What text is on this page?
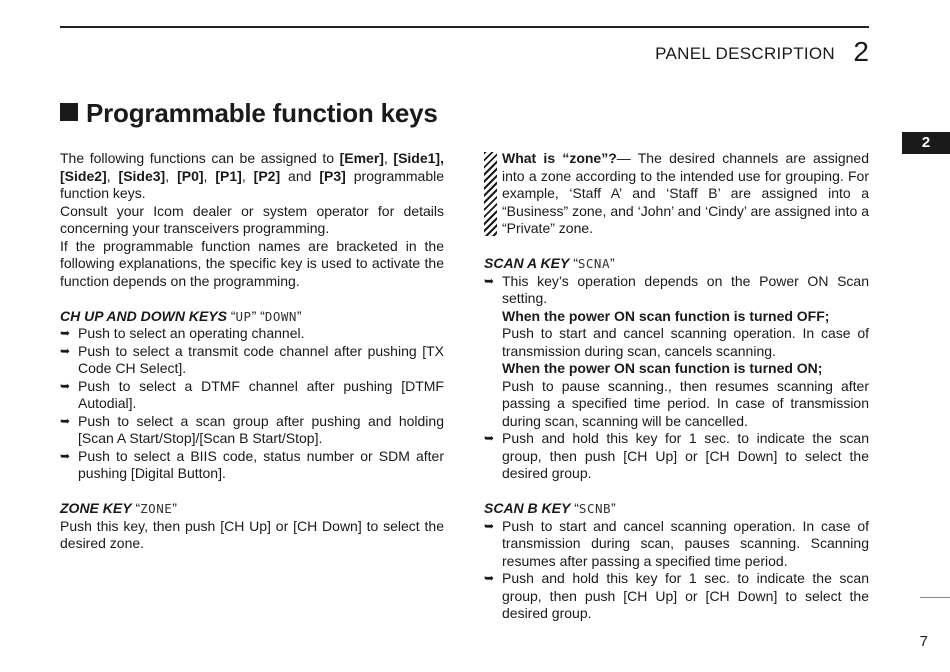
PANEL DESCRIPTION 2
2
Programmable function keys

The following functions can be assigned to [Emer], [Side1], [Side2], [Side3], [P0], [P1], [P2] and [P3] programmable function keys.

Consult your Icom dealer or system operator for details concerning your transceivers programming.

If the programmable function names are bracketed in the following explanations, the specific key is used to activate the function depends on the programming.

CH UP AND DOWN KEYS “UP” “DOWN”

➥ Push to select an operating channel.
➥ Push to select a transmit code channel after pushing [TX Code CH Select].
➥ Push to select a DTMF channel after pushing [DTMF Autodial].
➥ Push to select a scan group after pushing and holding [Scan A Start/Stop]/[Scan B Start/Stop].
➥ Push to select a BIIS code, status number or SDM after pushing [Digital Button].

ZONE KEY “ZONE”

Push this key, then push [CH Up] or [CH Down] to select the desired zone.

What is “zone”?— The desired channels are assigned into a zone according to the intended use for grouping. For example, ‘Staff A’ and ‘Staff B’ are assigned into a “Business” zone, and ‘John’ and ‘Cindy’ are assigned into a “Private” zone.

SCAN A KEY “SCNA”

➥ This key’s operation depends on the Power ON Scan setting.
When the power ON scan function is turned OFF;
Push to start and cancel scanning operation. In case of transmission during scan, cancels scanning.
When the power ON scan function is turned ON;
Push to pause scanning., then resumes scanning after passing a specified time period. In case of transmission during scan, scanning will be cancelled.
➥ Push and hold this key for 1 sec. to indicate the scan group, then push [CH Up] or [CH Down] to select the desired group.

SCAN B KEY “SCNB”

➥ Push to start and cancel scanning operation. In case of transmission during scan, pauses scanning. Scanning resumes after passing a specified time period.
➥ Push and hold this key for 1 sec. to indicate the scan group, then push [CH Up] or [CH Down] to select the desired group.
7
